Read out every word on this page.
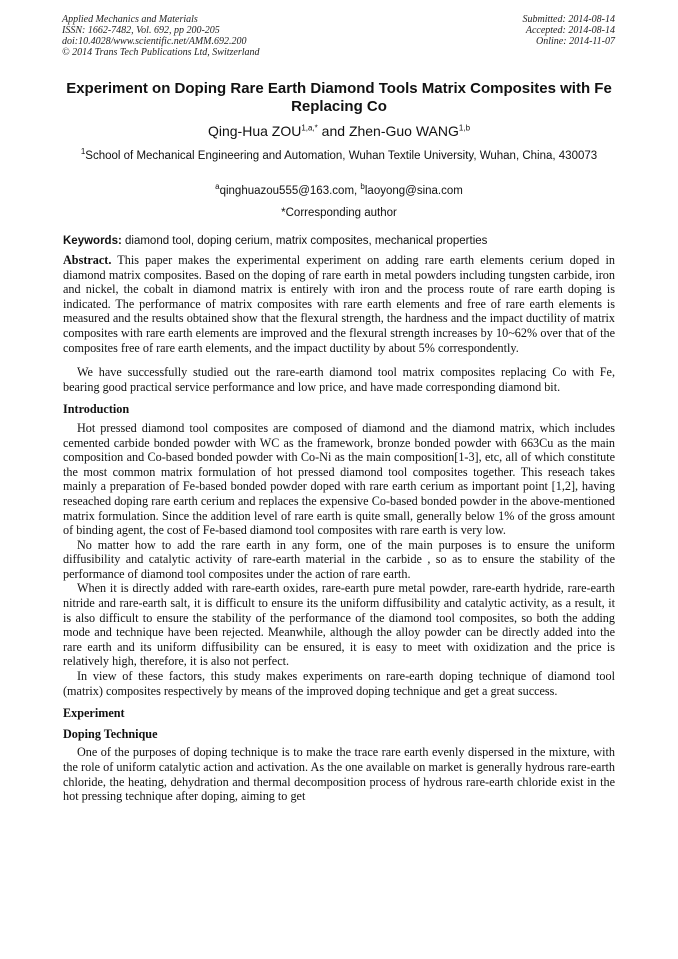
Applied Mechanics and Materials
ISSN: 1662-7482, Vol. 692, pp 200-205
doi:10.4028/www.scientific.net/AMM.692.200
© 2014 Trans Tech Publications Ltd, Switzerland
Submitted: 2014-08-14
Accepted: 2014-08-14
Online: 2014-11-07
Experiment on Doping Rare Earth Diamond Tools Matrix Composites with Fe Replacing Co
Qing-Hua $ZOU^{1,a,*}$ and Zhen-Guo WANG$^{1,b}$
$^1$School of Mechanical Engineering and Automation, Wuhan Textile University, Wuhan, China, 430073
$^a$qinghuazou555@163.com, $^b$laoyong@sina.com
*Corresponding author
Keywords: diamond tool, doping cerium, matrix composites, mechanical properties

Abstract. This paper makes the experimental experiment on adding rare earth elements cerium doped in diamond matrix composites. Based on the doping of rare earth in metal powders including tungsten carbide, iron and nickel, the cobalt in diamond matrix is entirely with iron and the process route of rare earth doping is indicated. The performance of matrix composites with rare earth elements and free of rare earth elements is measured and the results obtained show that the flexural strength, the hardness and the impact ductility of matrix composites with rare earth elements are improved and the flexural strength increases by 10~62% over that of the composites free of rare earth elements, and the impact ductility by about 5% correspondently.

We have successfully studied out the rare-earth diamond tool matrix composites replacing Co with Fe, bearing good practical service performance and low price, and have made corresponding diamond bit.

Introduction

Hot pressed diamond tool composites are composed of diamond and the diamond matrix, which includes cemented carbide bonded powder with WC as the framework, bronze bonded powder with 663Cu as the main composition and Co-based bonded powder with Co-Ni as the main composition[1-3], etc, all of which constitute the most common matrix formulation of hot pressed diamond tool composites together. This reseach takes mainly a preparation of Fe-based bonded powder doped with rare earth cerium as important point [1,2], having reseached doping rare earth cerium and replaces the expensive Co-based bonded powder in the above-mentioned matrix formulation. Since the addition level of rare earth is quite small, generally below 1% of the gross amount of binding agent, the cost of Fe-based diamond tool composites with rare earth is very low.

No matter how to add the rare earth in any form, one of the main purposes is to ensure the uniform diffusibility and catalytic activity of rare-earth material in the carbide , so as to ensure the stability of the performance of diamond tool composites under the action of rare earth.

When it is directly added with rare-earth oxides, rare-earth pure metal powder, rare-earth hydride, rare-earth nitride and rare-earth salt, it is difficult to ensure its the uniform diffusibility and catalytic activity, as a result, it is also difficult to ensure the stability of the performance of the diamond tool composites, so both the adding mode and technique have been rejected. Meanwhile, although the alloy powder can be directly added into the rare earth and its uniform diffusibility can be ensured, it is easy to meet with oxidization and the price is relatively high, therefore, it is also not perfect.

In view of these factors, this study makes experiments on rare-earth doping technique of diamond tool (matrix) composites respectively by means of the improved doping technique and get a great success.

Experiment

Doping Technique

One of the purposes of doping technique is to make the trace rare earth evenly dispersed in the mixture, with the role of uniform catalytic action and activation. As the one available on market is generally hydrous rare-earth chloride, the heating, dehydration and thermal decomposition process of hydrous rare-earth chloride exist in the hot pressing technique after doping, aiming to get
